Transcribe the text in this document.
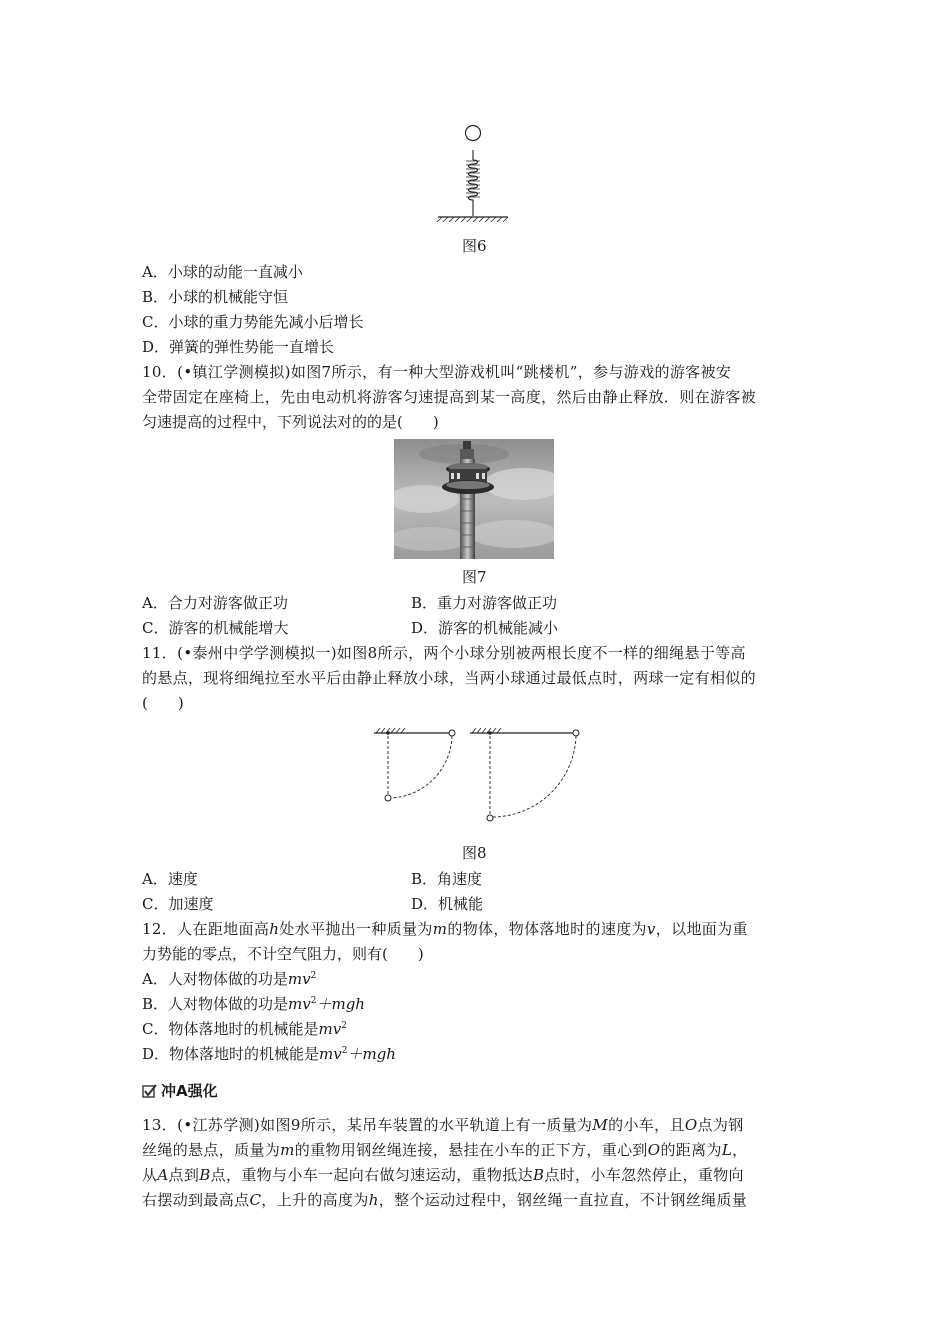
图6
A．小球的动能一直减小
B．小球的机械能守恒
C．小球的重力势能先减小后增长
D．弹簧的弹性势能一直增长
10．(•镇江学测模拟)如图7所示，有一种大型游戏机叫“跳楼机”，参与游戏的游客被安
全带固定在座椅上，先由电动机将游客匀速提高到某一高度，然后由静止释放．则在游客被
匀速提高的过程中，下列说法对的的是(　　)
图7
A．合力对游客做正功	B．重力对游客做正功
C．游客的机械能增大	D．游客的机械能减小
11．(•泰州中学学测模拟一)如图8所示，两个小球分别被两根长度不一样的细绳悬于等高
的悬点，现将细绳拉至水平后由静止释放小球，当两小球通过最低点时，两球一定有相似的
(　　)
图8
A．速度	B．角速度
C．加速度	D．机械能
12．人在距地面高h处水平抛出一种质量为m的物体，物体落地时的速度为v，以地面为重
力势能的零点，不计空气阻力，则有(　　)
A．人对物体做的功是$mv^2$
B．人对物体做的功是$mv^2+mgh$
C．物体落地时的机械能是$mv^2$
D．物体落地时的机械能是$mv^2+mgh$
冲A强化
13．(•江苏学测)如图9所示，某吊车装置的水平轨道上有一质量为M的小车，且O点为钢
丝绳的悬点，质量为m的重物用钢丝绳连接，悬挂在小车的正下方，重心到O的距离为L，
从A点到B点，重物与小车一起向右做匀速运动，重物抵达B点时，小车忽然停止，重物向
右摆动到最高点C，上升的高度为h，整个运动过程中，钢丝绳一直拉直，不计钢丝绳质量
